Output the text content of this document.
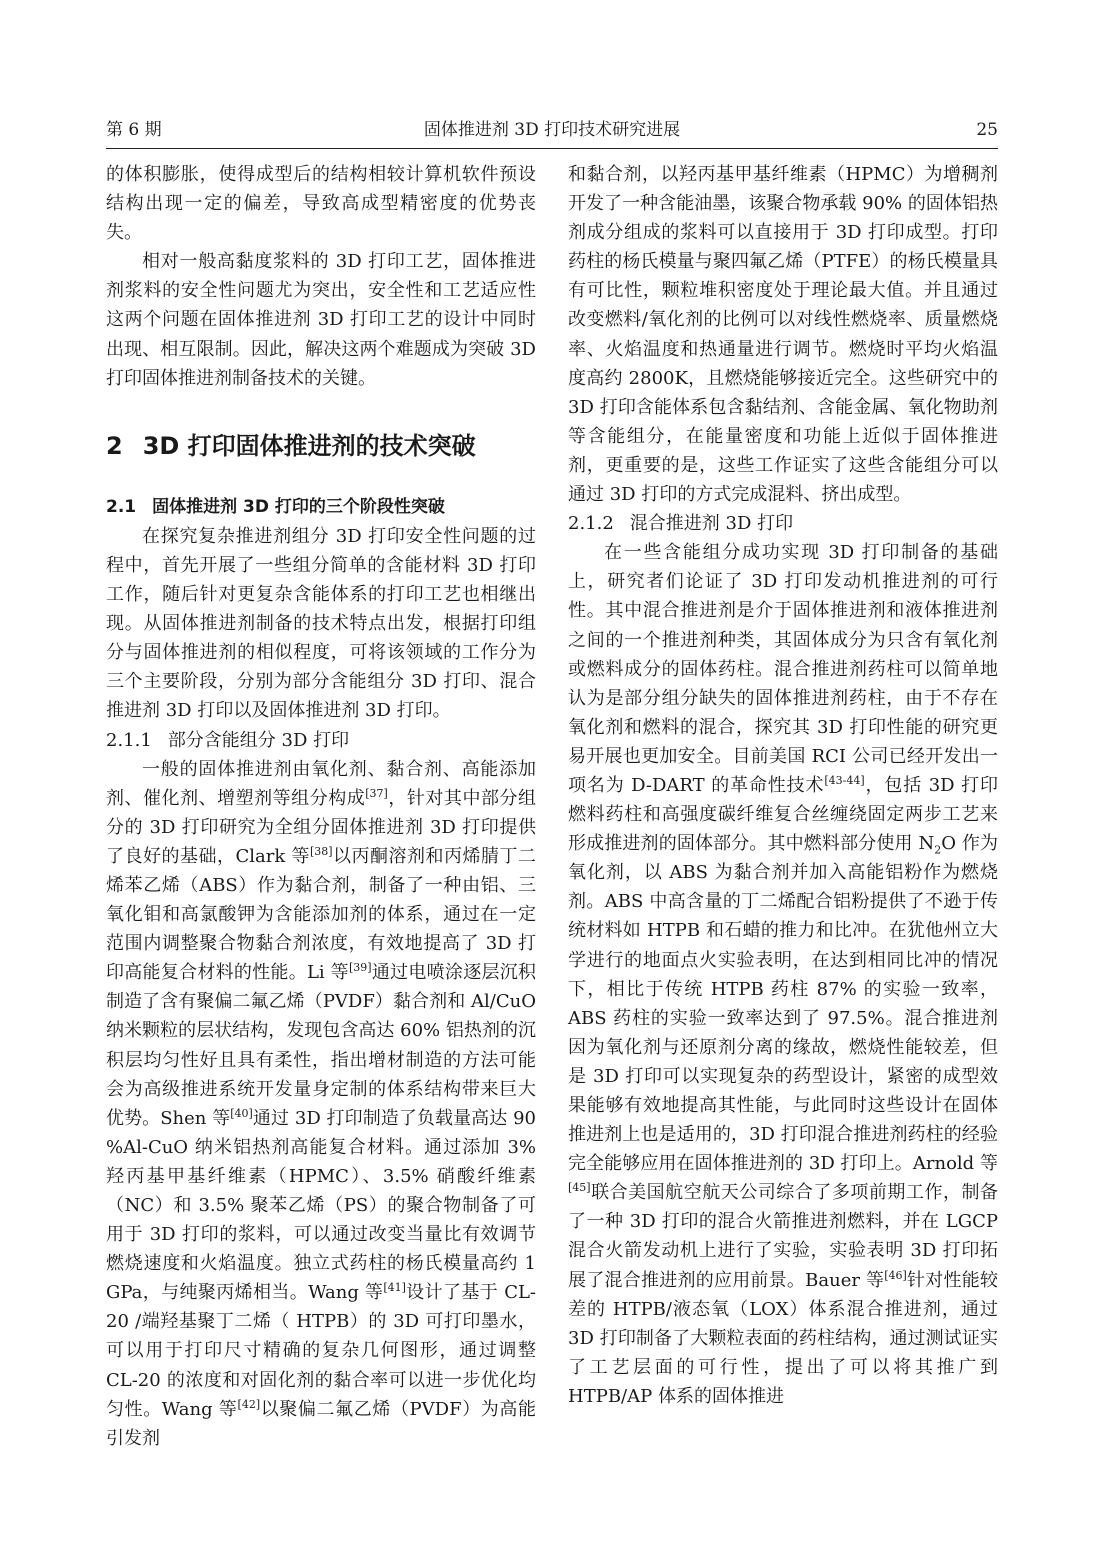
第 6 期	固体推进剂 3D 打印技术研究进展	25

的体积膨胀，使得成型后的结构相较计算机软件预设结构出现一定的偏差，导致高成型精密度的优势丧失。

相对一般高黏度浆料的 3D 打印工艺，固体推进剂浆料的安全性问题尤为突出，安全性和工艺适应性这两个问题在固体推进剂 3D 打印工艺的设计中同时出现、相互限制。因此，解决这两个难题成为突破 3D 打印固体推进剂制备技术的关键。

2 3D 打印固体推进剂的技术突破
2.1 固体推进剂 3D 打印的三个阶段性突破

在探究复杂推进剂组分 3D 打印安全性问题的过程中，首先开展了一些组分简单的含能材料 3D 打印工作，随后针对更复杂含能体系的打印工艺也相继出现。从固体推进剂制备的技术特点出发，根据打印组分与固体推进剂的相似程度，可将该领域的工作分为三个主要阶段，分别为部分含能组分 3D 打印、混合推进剂 3D 打印以及固体推进剂 3D 打印。

2.1.1 部分含能组分 3D 打印

一般的固体推进剂由氧化剂、黏合剂、高能添加剂、催化剂、增塑剂等组分构成[37]，针对其中部分组分的 3D 打印研究为全组分固体推进剂 3D 打印提供了良好的基础，Clark 等[38]以丙酮溶剂和丙烯腈丁二烯苯乙烯（ABS）作为黏合剂，制备了一种由铝、三氧化钼和高氯酸钾为含能添加剂的体系，通过在一定范围内调整聚合物黏合剂浓度，有效地提高了 3D 打印高能复合材料的性能。Li 等[39]通过电喷涂逐层沉积制造了含有聚偏二氟乙烯（PVDF）黏合剂和 Al/CuO 纳米颗粒的层状结构，发现包含高达 60% 铝热剂的沉积层均匀性好且具有柔性，指出增材制造的方法可能会为高级推进系统开发量身定制的体系结构带来巨大优势。Shen 等[40]通过 3D 打印制造了负载量高达 90 %Al-CuO 纳米铝热剂高能复合材料。通过添加 3% 羟丙基甲基纤维素（HPMC）、3.5% 硝酸纤维素（NC）和 3.5% 聚苯乙烯（PS）的聚合物制备了可用于 3D 打印的浆料，可以通过改变当量比有效调节燃烧速度和火焰温度。独立式药柱的杨氏模量高约 1 GPa，与纯聚丙烯相当。Wang 等[41]设计了基于 CL-20 /端羟基聚丁二烯（ HTPB）的 3D 可打印墨水，可以用于打印尺寸精确的复杂几何图形，通过调整 CL-20 的浓度和对固化剂的黏合率可以进一步优化均匀性。Wang 等[42]以聚偏二氟乙烯（PVDF）为高能引发剂

和黏合剂，以羟丙基甲基纤维素（HPMC）为增稠剂开发了一种含能油墨，该聚合物承载 90% 的固体铝热剂成分组成的浆料可以直接用于 3D 打印成型。打印药柱的杨氏模量与聚四氟乙烯（PTFE）的杨氏模量具有可比性，颗粒堆积密度处于理论最大值。并且通过改变燃料/氧化剂的比例可以对线性燃烧率、质量燃烧率、火焰温度和热通量进行调节。燃烧时平均火焰温度高约 2800K，且燃烧能够接近完全。这些研究中的 3D 打印含能体系包含黏结剂、含能金属、氧化物助剂等含能组分，在能量密度和功能上近似于固体推进剂，更重要的是，这些工作证实了这些含能组分可以通过 3D 打印的方式完成混料、挤出成型。

2.1.2 混合推进剂 3D 打印

在一些含能组分成功实现 3D 打印制备的基础上，研究者们论证了 3D 打印发动机推进剂的可行性。其中混合推进剂是介于固体推进剂和液体推进剂之间的一个推进剂种类，其固体成分为只含有氧化剂或燃料成分的固体药柱。混合推进剂药柱可以简单地认为是部分组分缺失的固体推进剂药柱，由于不存在氧化剂和燃料的混合，探究其 3D 打印性能的研究更易开展也更加安全。目前美国 RCI 公司已经开发出一项名为 D-DART 的革命性技术[43-44]，包括 3D 打印燃料药柱和高强度碳纤维复合丝缠绕固定两步工艺来形成推进剂的固体部分。其中燃料部分使用 $N_2O$ 作为氧化剂，以 ABS 为黏合剂并加入高能铝粉作为燃烧剂。ABS 中高含量的丁二烯配合铝粉提供了不逊于传统材料如 HTPB 和石蜡的推力和比冲。在犹他州立大学进行的地面点火实验表明，在达到相同比冲的情况下，相比于传统 HTPB 药柱 87% 的实验一致率，ABS 药柱的实验一致率达到了 97.5%。混合推进剂因为氧化剂与还原剂分离的缘故，燃烧性能较差，但是 3D 打印可以实现复杂的药型设计，紧密的成型效果能够有效地提高其性能，与此同时这些设计在固体推进剂上也是适用的，3D 打印混合推进剂药柱的经验完全能够应用在固体推进剂的 3D 打印上。Arnold 等[45]联合美国航空航天公司综合了多项前期工作，制备了一种 3D 打印的混合火箭推进剂燃料，并在 LGCP 混合火箭发动机上进行了实验，实验表明 3D 打印拓展了混合推进剂的应用前景。Bauer 等[46]针对性能较差的 HTPB/液态氧（LOX）体系混合推进剂，通过 3D 打印制备了大颗粒表面的药柱结构，通过测试证实了工艺层面的可行性，提出了可以将其推广到 HTPB/AP 体系的固体推进
